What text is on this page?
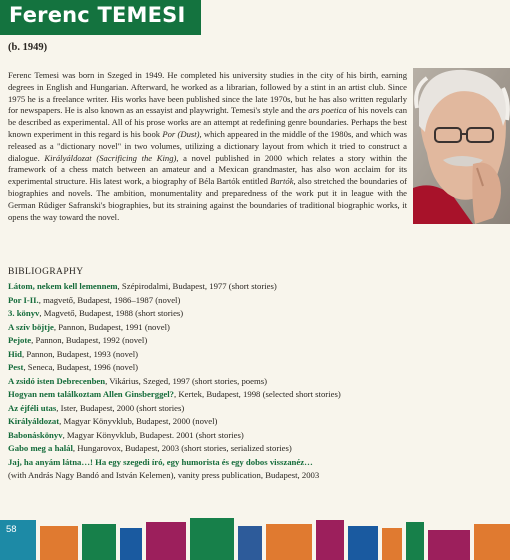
Ferenc TEMESI
(b. 1949)
Ferenc Temesi was born in Szeged in 1949. He completed his university studies in the city of his birth, earning degrees in English and Hungarian. Afterward, he worked as a librarian, followed by a stint in an artist club. Since 1975 he is a freelance writer. His works have been published since the late 1970s, but he has also written regularly for newspapers. He is also known as an essayist and playwright. Temesi's style and the ars poetica of his novels can be described as experimental. All of his prose works are an attempt at redefining genre boundaries. Perhaps the best known experiment in this regard is his book Por (Dust), which appeared in the middle of the 1980s, and which was released as a "dictionary novel" in two volumes, utilizing a dictionary layout from which it tried to construct a dialogue. Királyáldozat (Sacrificing the King), a novel published in 2000 which relates a story within the framework of a chess match between an amateur and a Mexican grandmaster, has also won acclaim for its experimental structure. His latest work, a biography of Béla Bartók entitled Bartók, also stretched the boundaries of biographies and novels. The ambition, monumentality and preparedness of the work put it in league with the German Rüdiger Safranski's biographies, but its straining against the boundaries of traditional biographic works, it opens the way toward the novel.
BIBLIOGRAPHY
Látom, nekem kell lemennem, Szépirodalmi, Budapest, 1977 (short stories)
Por I-II., magvető, Budapest, 1986–1987 (novel)
3. könyv, Magvető, Budapest, 1988 (short stories)
A szív böjtje, Pannon, Budapest, 1991 (novel)
Pejote, Pannon, Budapest, 1992 (novel)
Hid, Pannon, Budapest, 1993 (novel)
Pest, Seneca, Budapest, 1996 (novel)
A zsidó isten Debrecenben, Vikárius, Szeged, 1997 (short stories, poems)
Hogyan nem találkoztam Allen Ginsberggel?, Kertek, Budapest, 1998 (selected short stories)
Az éjféli utas, Ister, Budapest, 2000 (short stories)
Királyáldozat, Magyar Könyvklub, Budapest, 2000 (novel)
Babonáskönyv, Magyar Könyvklub, Budapest. 2001 (short stories)
Gabo meg a halál, Hungarovox, Budapest, 2003 (short stories, serialized stories)
Jaj, ha anyám látna…! Ha egy szegedi író, egy humorista és egy dobos visszanéz…
(with András Nagy Bandó and István Kelemen), vanity press publication, Budapest, 2003
58
